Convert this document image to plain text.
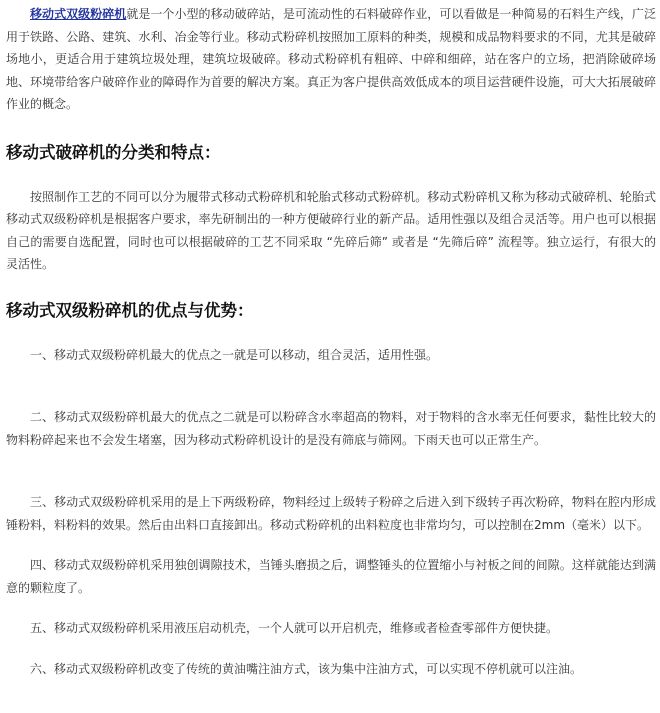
移动式双级粉碎机就是一个小型的移动破碎站，是可流动性的石料破碎作业，可以看做是一种简易的石料生产线，广泛用于铁路、公路、建筑、水利、冶金等行业。移动式粉碎机按照加工原料的种类，规模和成品物料要求的不同，尤其是破碎场地小，更适合用于建筑垃圾处理，建筑垃圾破碎。移动式粉碎机有粗碎、中碎和细碎，站在客户的立场，把消除破碎场地、环境带给客户破碎作业的障碍作为首要的解决方案。真正为客户提供高效低成本的项目运营硬件设施，可大大拓展破碎作业的概念。

移动式破碎机的分类和特点：

按照制作工艺的不同可以分为履带式移动式粉碎机和轮胎式移动式粉碎机。移动式粉碎机又称为移动式破碎机、轮胎式移动式双级粉碎机是根据客户要求，率先研制出的一种方便破碎行业的新产品。适用性强以及组合灵活等。用户也可以根据自己的需要自选配置，同时也可以根据破碎的工艺不同采取 “先碎后筛” 或者是 “先筛后碎” 流程等。独立运行，有很大的灵活性。

移动式双级粉碎机的优点与优势：

一、移动式双级粉碎机最大的优点之一就是可以移动，组合灵活，适用性强。

二、移动式双级粉碎机最大的优点之二就是可以粉碎含水率超高的物料，对于物料的含水率无任何要求，黏性比较大的物料粉碎起来也不会发生堵塞，因为移动式粉碎机设计的是没有筛底与筛网。下雨天也可以正常生产。

三、移动式双级粉碎机采用的是上下两级粉碎，物料经过上级转子粉碎之后进入到下级转子再次粉碎，物料在腔内形成锤粉料，料粉料的效果。然后由出料口直接卸出。移动式粉碎机的出料粒度也非常均匀，可以控制在2mm（毫米）以下。

四、移动式双级粉碎机采用独创调隙技术，当锤头磨损之后，调整锤头的位置缩小与衬板之间的间隙。这样就能达到满意的颗粒度了。

五、移动式双级粉碎机采用液压启动机壳，一个人就可以开启机壳，维修或者检查零部件方便快捷。

六、移动式双级粉碎机改变了传统的黄油嘴注油方式，该为集中注油方式，可以实现不停机就可以注油。
